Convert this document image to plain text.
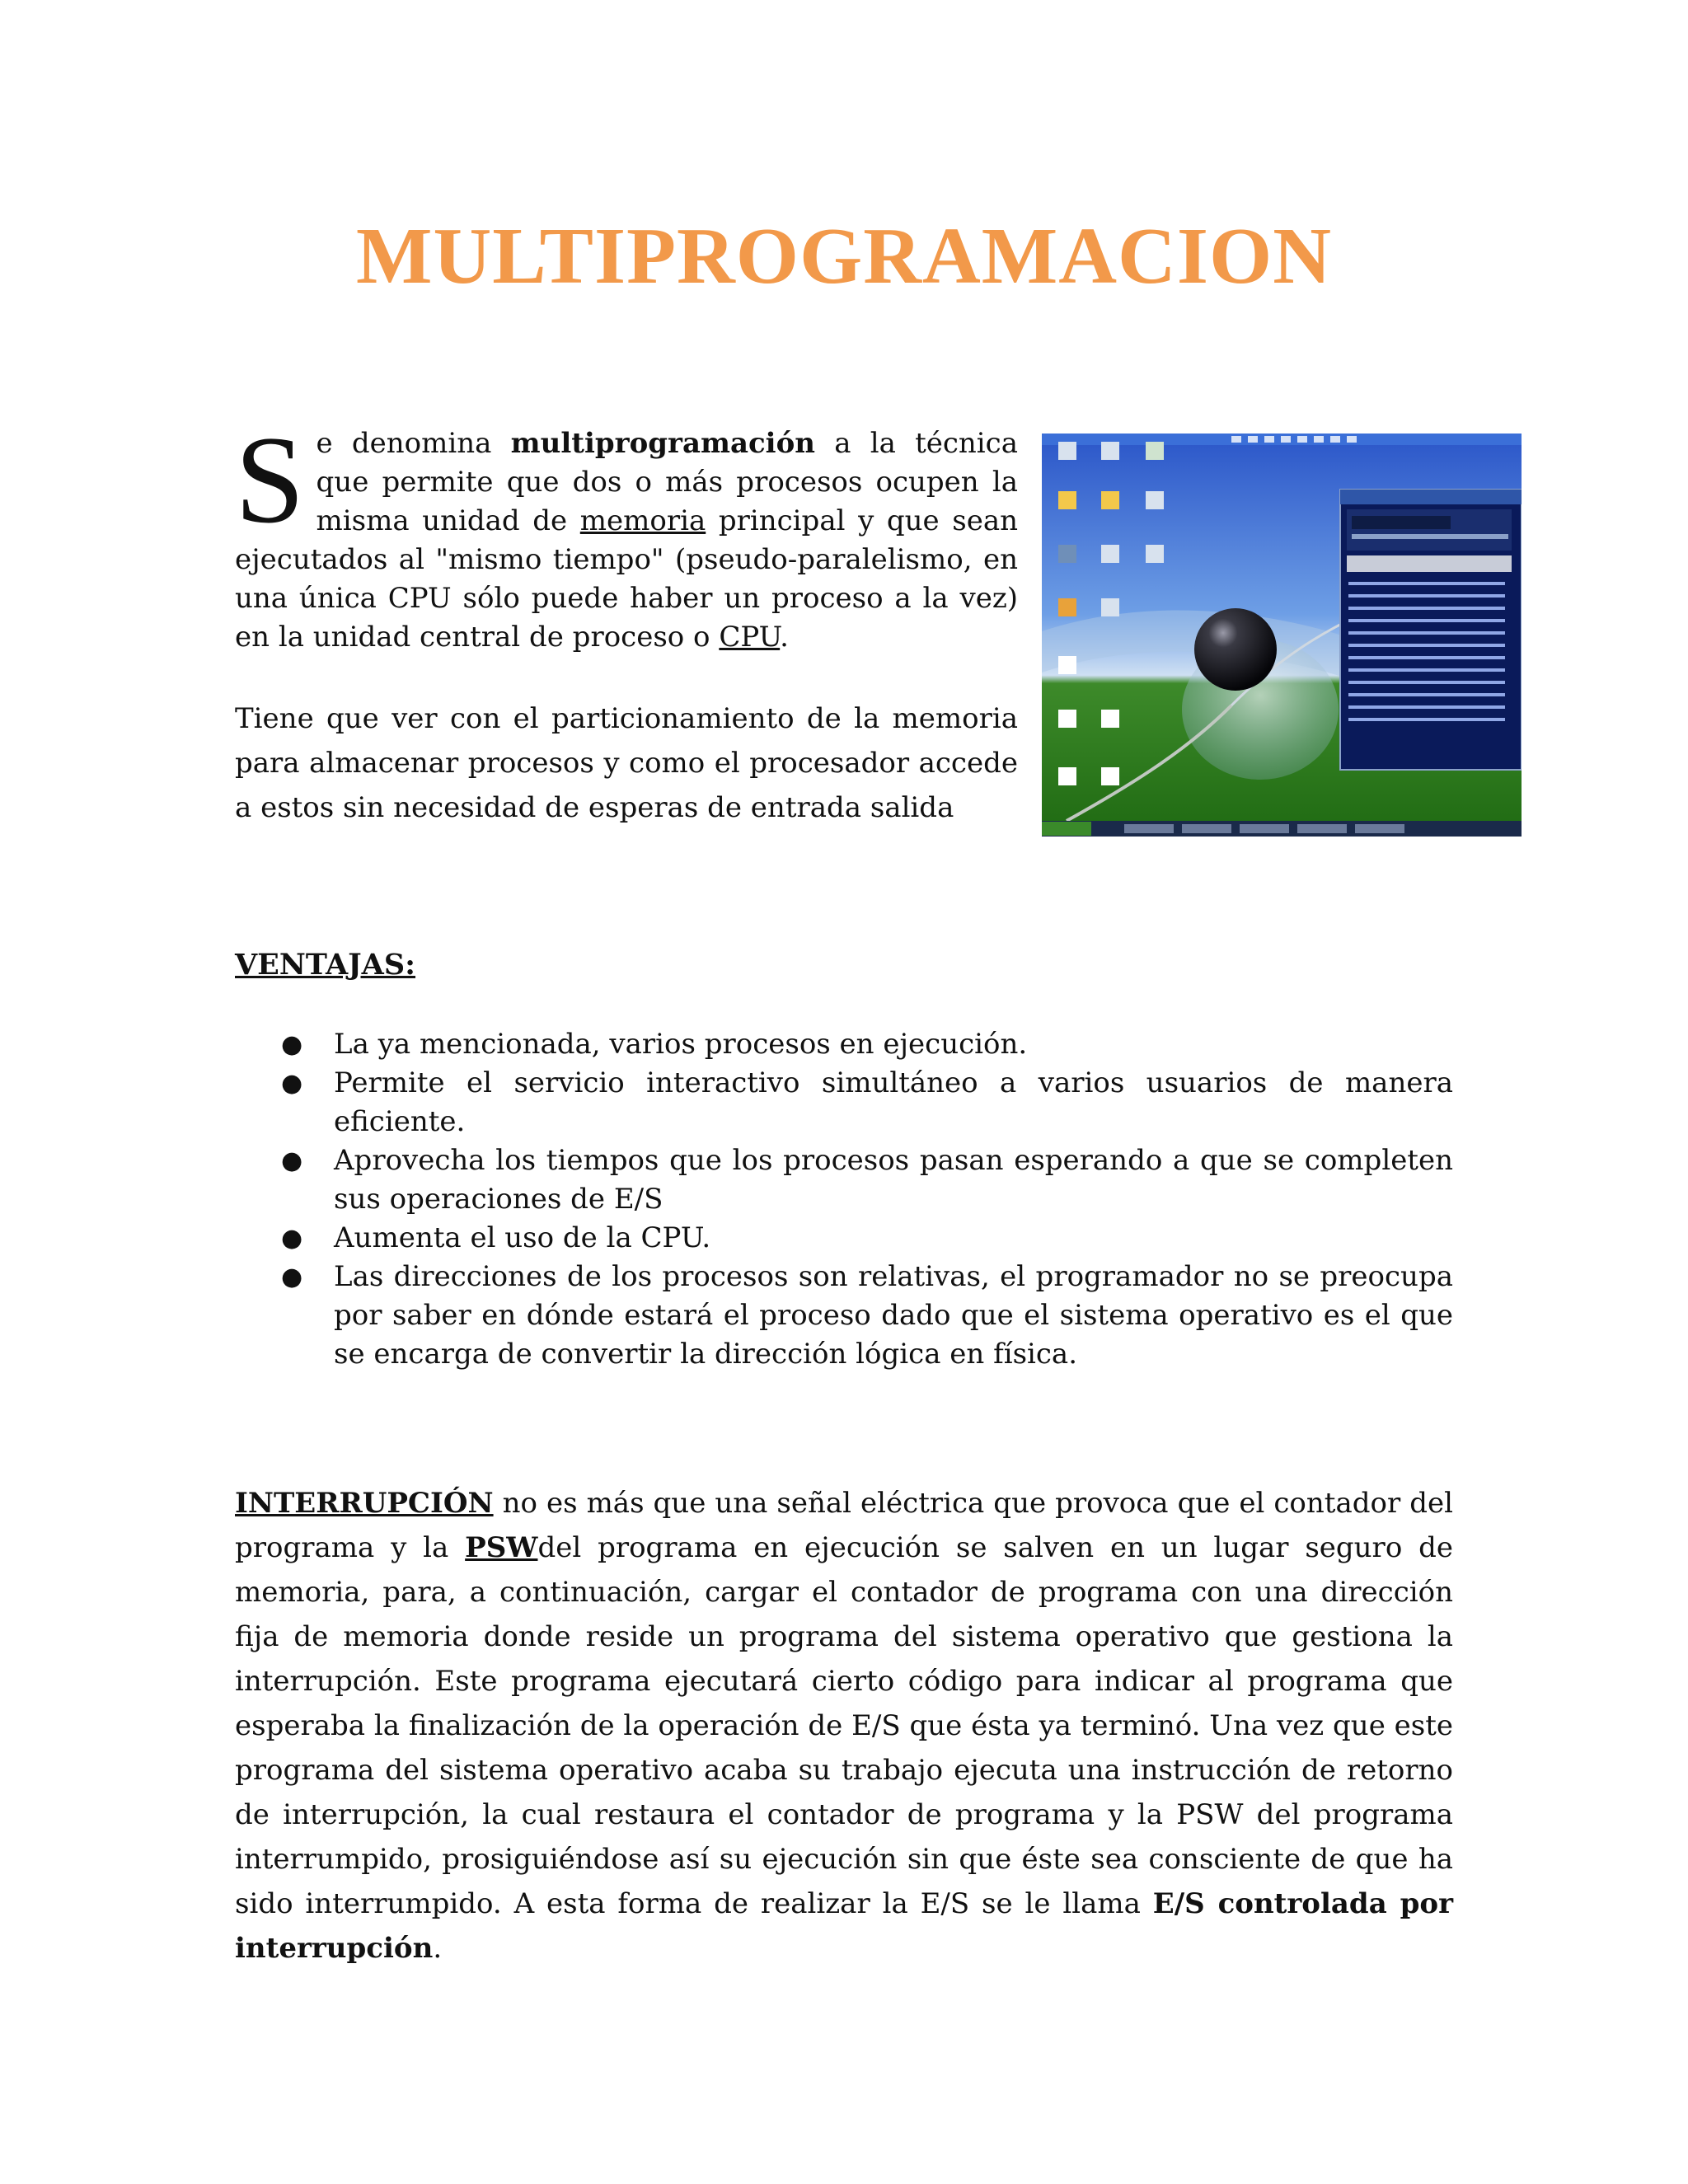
MULTIPROGRAMACION
S e denomina multiprogramación a la técnica que permite que dos o más procesos ocupen la misma unidad de memoria principal y que sean ejecutados al "mismo tiempo" (pseudo-paralelismo, en una única CPU sólo puede haber un proceso a la vez) en la unidad central de proceso o CPU.

Tiene que ver con el particionamiento de la memoria para almacenar procesos y como el procesador accede a estos sin necesidad de esperas de entrada salida

VENTAJAS:
● La ya mencionada, varios procesos en ejecución.
● Permite el servicio interactivo simultáneo a varios usuarios de manera eficiente.
● Aprovecha los tiempos que los procesos pasan esperando a que se completen sus operaciones de E/S
● Aumenta el uso de la CPU.
● Las direcciones de los procesos son relativas, el programador no se preocupa por saber en dónde estará el proceso dado que el sistema operativo es el que se encarga de convertir la dirección lógica en física.

INTERRUPCIÓN no es más que una señal eléctrica que provoca que el contador del programa y la PSWdel programa en ejecución se salven en un lugar seguro de memoria, para, a continuación, cargar el contador de programa con una dirección fija de memoria donde reside un programa del sistema operativo que gestiona la interrupción. Este programa ejecutará cierto código para indicar al programa que esperaba la finalización de la operación de E/S que ésta ya terminó. Una vez que este programa del sistema operativo acaba su trabajo ejecuta una instrucción de retorno de interrupción, la cual restaura el contador de programa y la PSW del programa interrumpido, prosiguiéndose así su ejecución sin que éste sea consciente de que ha sido interrumpido. A esta forma de realizar la E/S se le llama E/S controlada por interrupción.
